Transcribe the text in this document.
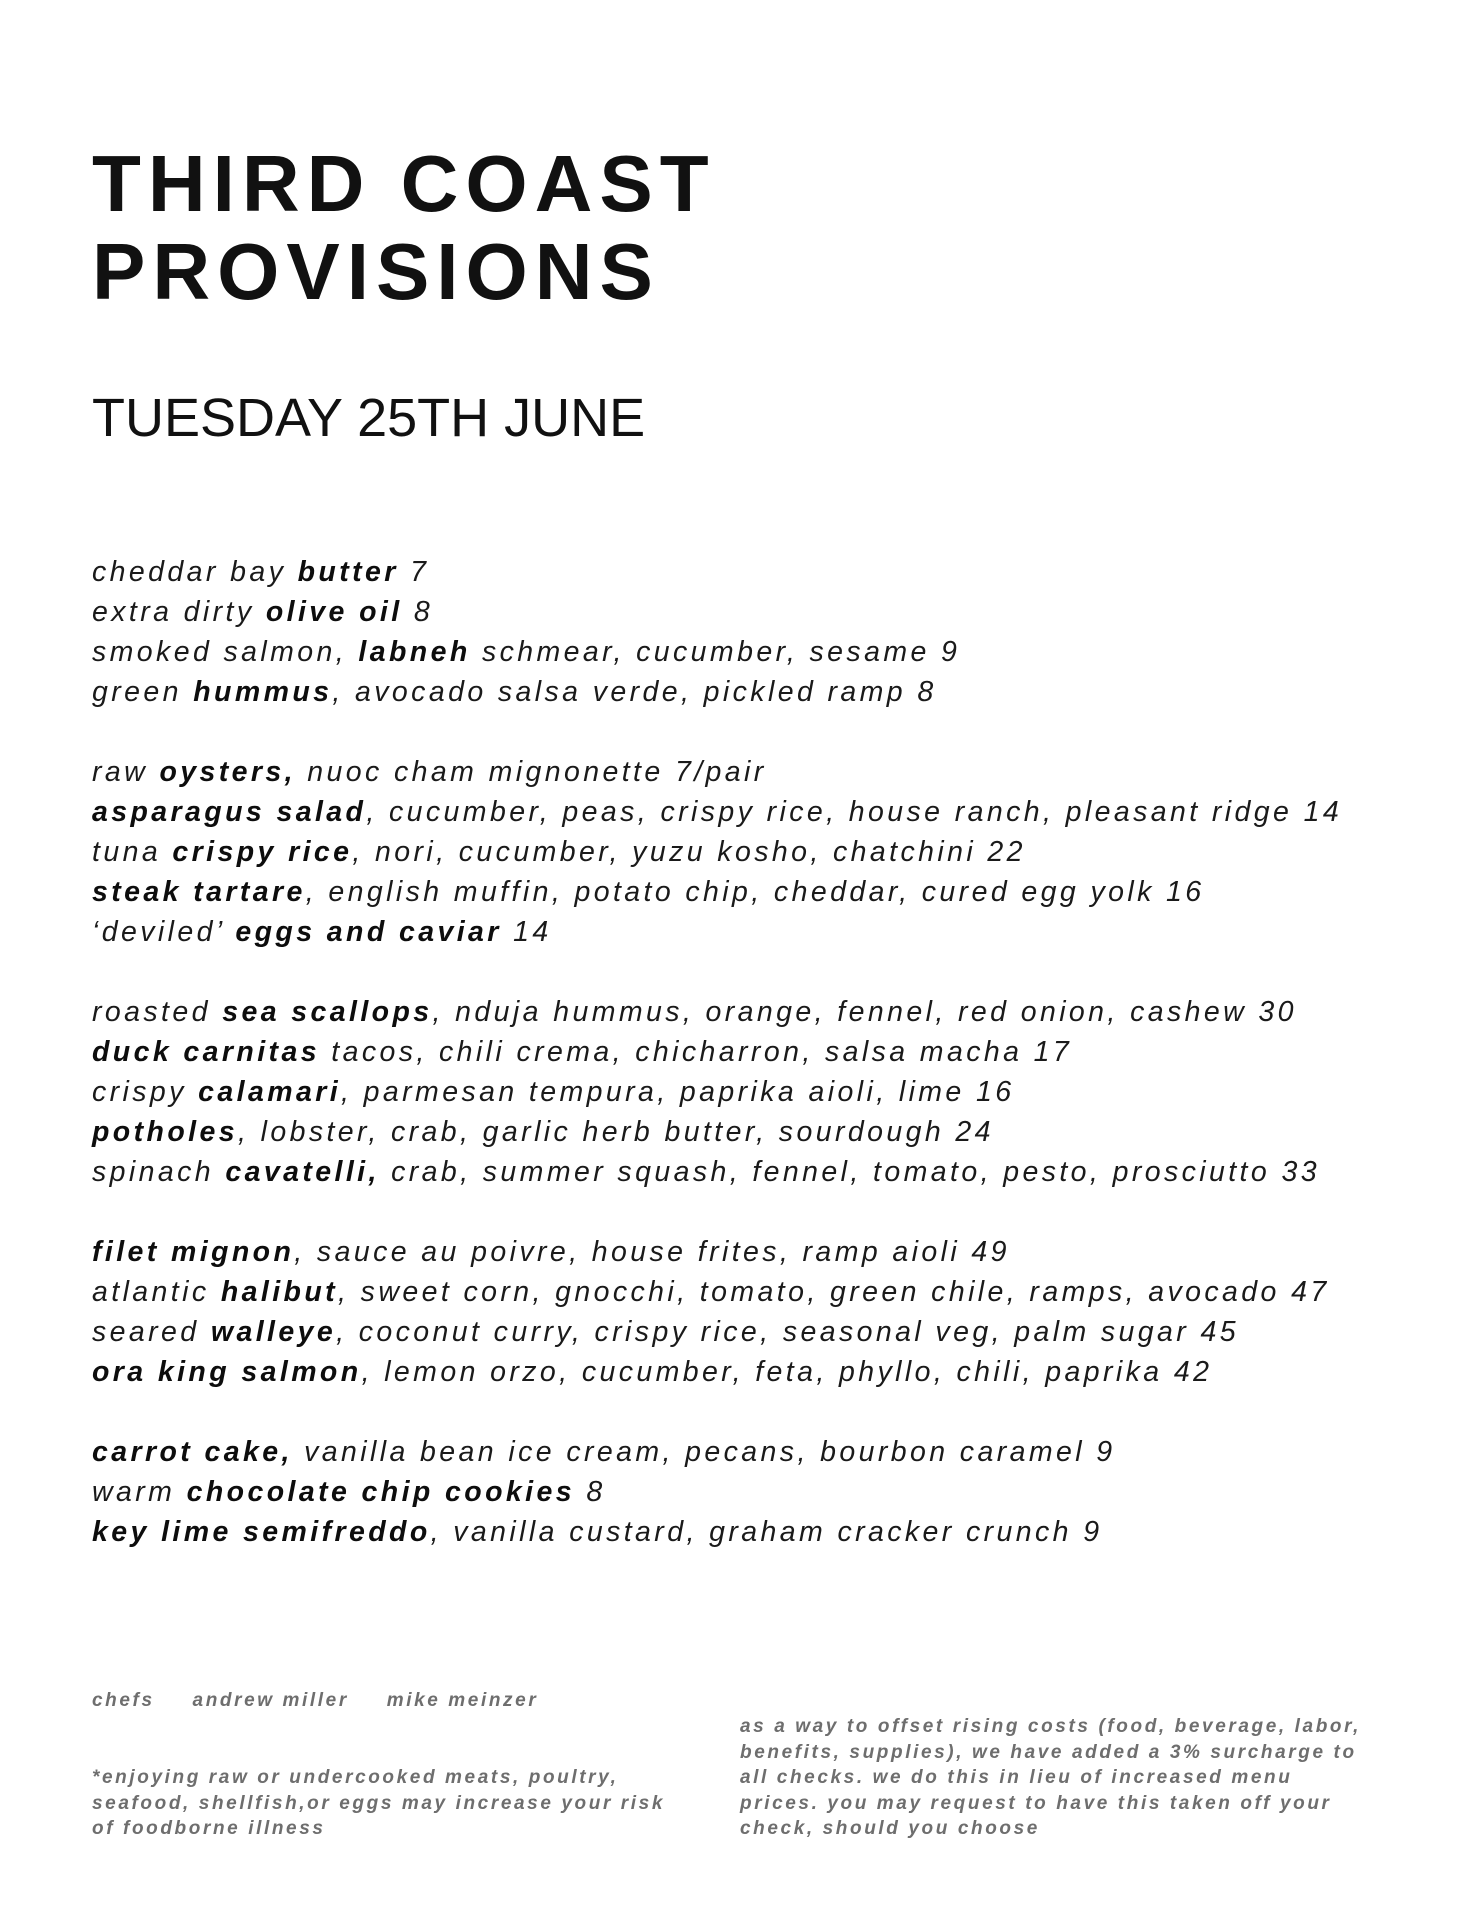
THIRD COAST
PROVISIONS
TUESDAY 25TH JUNE
cheddar bay butter 7
extra dirty olive oil 8
smoked salmon, labneh schmear, cucumber, sesame 9
green hummus, avocado salsa verde, pickled ramp 8
raw oysters, nuoc cham mignonette 7/pair
asparagus salad, cucumber, peas, crispy rice, house ranch, pleasant ridge 14
tuna crispy rice, nori, cucumber, yuzu kosho, chatchini 22
steak tartare, english muffin, potato chip, cheddar, cured egg yolk 16
‘deviled’ eggs and caviar 14
roasted sea scallops, nduja hummus, orange, fennel, red onion, cashew 30
duck carnitas tacos, chili crema, chicharron, salsa macha 17
crispy calamari, parmesan tempura, paprika aioli, lime 16
potholes, lobster, crab, garlic herb butter, sourdough 24
spinach cavatelli, crab, summer squash, fennel, tomato, pesto, prosciutto 33
filet mignon, sauce au poivre, house frites, ramp aioli 49
atlantic halibut, sweet corn, gnocchi, tomato, green chile, ramps, avocado 47
seared walleye, coconut curry, crispy rice, seasonal veg, palm sugar 45
ora king salmon, lemon orzo, cucumber, feta, phyllo, chili, paprika 42
carrot cake, vanilla bean ice cream, pecans, bourbon caramel 9
warm chocolate chip cookies 8
key lime semifreddo, vanilla custard, graham cracker crunch 9
chefs andrew miller mike meinzer
*enjoying raw or undercooked meats, poultry,
seafood, shellfish,or eggs may increase your risk
of foodborne illness
as a way to offset rising costs (food, beverage, labor,
benefits, supplies), we have added a 3% surcharge to
all checks. we do this in lieu of increased menu
prices. you may request to have this taken off your
check, should you choose
